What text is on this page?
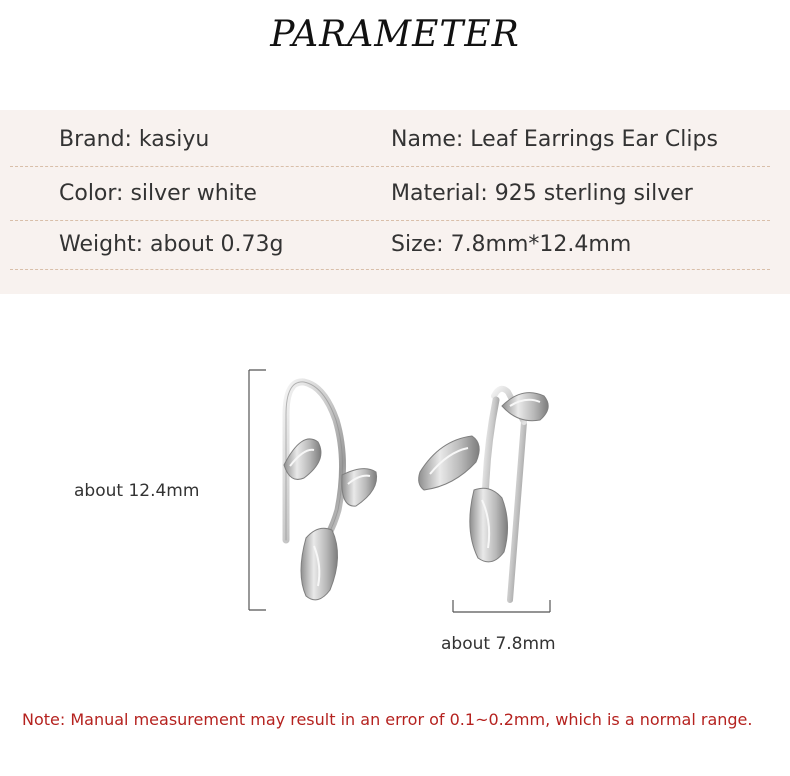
PARAMETER
Brand: kasiyu	Name: Leaf Earrings Ear Clips
Color: silver white	Material: 925 sterling silver
Weight: about 0.73g	Size: 7.8mm*12.4mm
about 12.4mm
about 7.8mm
Note: Manual measurement may result in an error of 0.1~0.2mm, which is a normal range.
